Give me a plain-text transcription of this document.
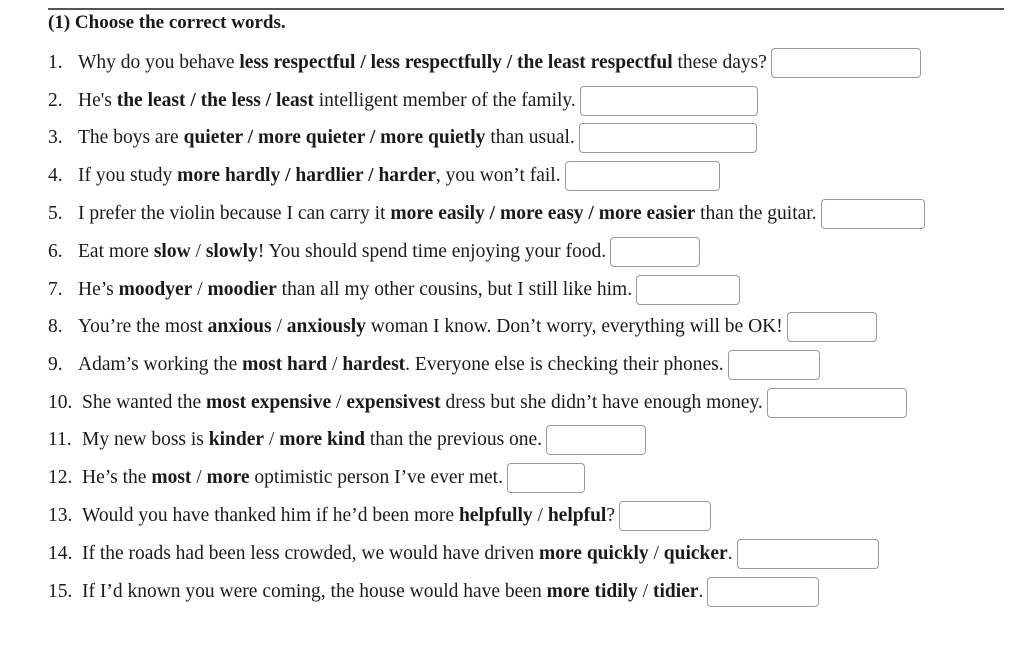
(1) Choose the correct words.
1. Why do you behave less respectful / less respectfully / the least respectful these days?
2. He's the least / the less / least intelligent member of the family.
3. The boys are quieter / more quieter / more quietly than usual.
4. If you study more hardly / hardlier / harder, you won’t fail.
5. I prefer the violin because I can carry it more easily / more easy / more easier than the guitar.
6. Eat more slow / slowly! You should spend time enjoying your food.
7. He’s moodyer / moodier than all my other cousins, but I still like him.
8. You’re the most anxious / anxiously woman I know. Don’t worry, everything will be OK!
9. Adam’s working the most hard / hardest. Everyone else is checking their phones.
10. She wanted the most expensive / expensivest dress but she didn’t have enough money.
11. My new boss is kinder / more kind than the previous one.
12. He’s the most / more optimistic person I’ve ever met.
13. Would you have thanked him if he’d been more helpfully / helpful?
14. If the roads had been less crowded, we would have driven more quickly / quicker.
15. If I’d known you were coming, the house would have been more tidily / tidier.
